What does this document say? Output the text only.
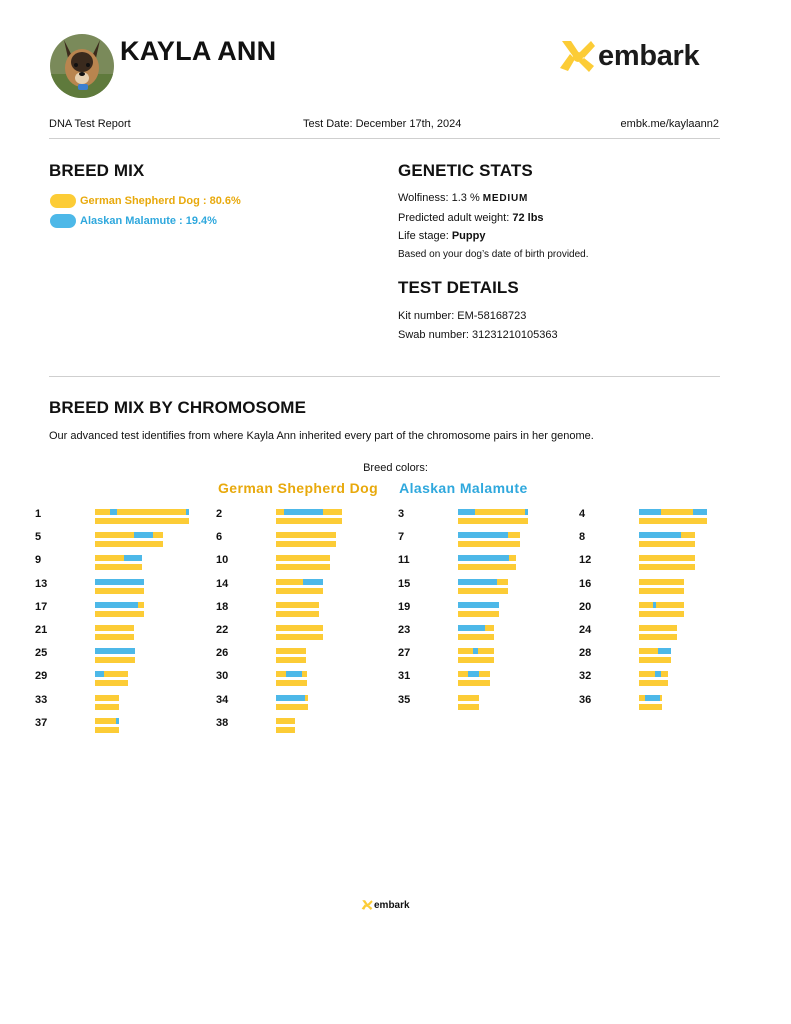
KAYLA ANN	embark
DNA Test Report	Test Date: December 17th, 2024	embk.me/kaylaann2
BREED MIX
German Shepherd Dog : 80.6%
Alaskan Malamute : 19.4%
GENETIC STATS
Wolfiness: 1.3 % MEDIUM
Predicted adult weight: 72 lbs
Life stage: Puppy
Based on your dog’s date of birth provided.
TEST DETAILS
Kit number: EM-58168723
Swab number: 31231210105363
BREED MIX BY CHROMOSOME
Our advanced test identifies from where Kayla Ann inherited every part of the chromosome pairs in her genome.
Breed colors:
German Shepherd Dog Alaskan Malamute
1	2	3	4
5	6	7	8
9	10	11	12
13	14	15	16
17	18	19	20
21	22	23	24
25	26	27	28
29	30	31	32
33	34	35	36
37	38
embark
